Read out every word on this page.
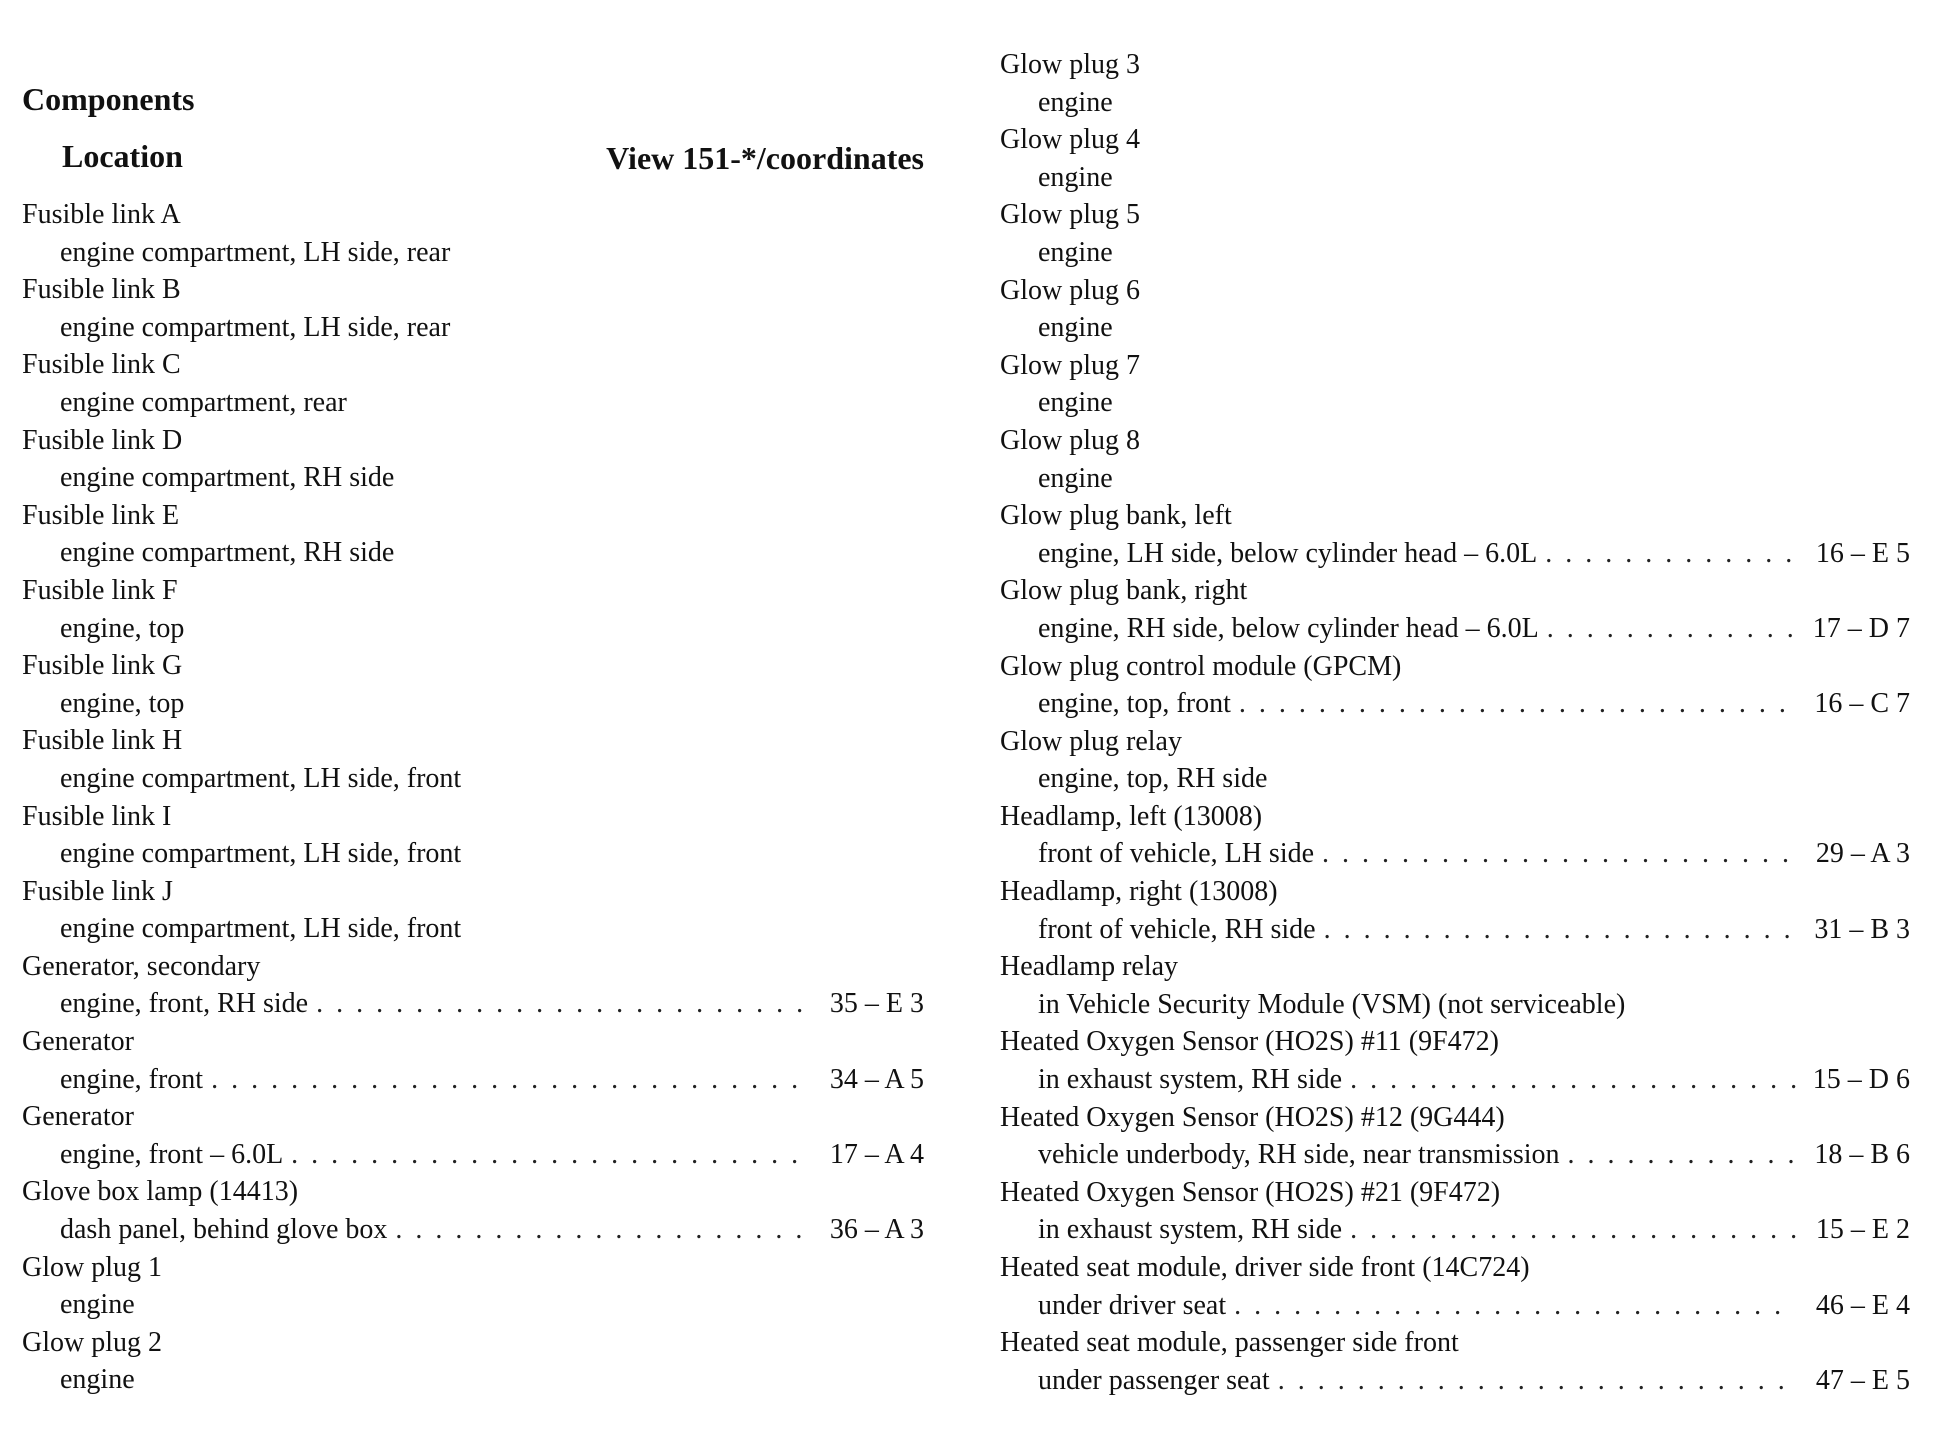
Components
Location	View 151-*/coordinates
Fusible link A
engine compartment, LH side, rear
Fusible link B
engine compartment, LH side, rear
Fusible link C
engine compartment, rear
Fusible link D
engine compartment, RH side
Fusible link E
engine compartment, RH side
Fusible link F
engine, top
Fusible link G
engine, top
Fusible link H
engine compartment, LH side, front
Fusible link I
engine compartment, LH side, front
Fusible link J
engine compartment, LH side, front
Generator, secondary
engine, front, RH side . . .	35 – E 3
Generator
engine, front . . .	34 – A 5
Generator
engine, front – 6.0L . . .	17 – A 4
Glove box lamp (14413)
dash panel, behind glove box . . .	36 – A 3
Glow plug 1
engine
Glow plug 2
engine
Glow plug 3
engine
Glow plug 4
engine
Glow plug 5
engine
Glow plug 6
engine
Glow plug 7
engine
Glow plug 8
engine
Glow plug bank, left
engine, LH side, below cylinder head – 6.0L . . .	16 – E 5
Glow plug bank, right
engine, RH side, below cylinder head – 6.0L . . .	17 – D 7
Glow plug control module (GPCM)
engine, top, front . . .	16 – C 7
Glow plug relay
engine, top, RH side
Headlamp, left (13008)
front of vehicle, LH side . . .	29 – A 3
Headlamp, right (13008)
front of vehicle, RH side . . .	31 – B 3
Headlamp relay
in Vehicle Security Module (VSM) (not serviceable)
Heated Oxygen Sensor (HO2S) #11 (9F472)
in exhaust system, RH side . . .	15 – D 6
Heated Oxygen Sensor (HO2S) #12 (9G444)
vehicle underbody, RH side, near transmission . . .	18 – B 6
Heated Oxygen Sensor (HO2S) #21 (9F472)
in exhaust system, RH side . . .	15 – E 2
Heated seat module, driver side front (14C724)
under driver seat . . .	46 – E 4
Heated seat module, passenger side front
under passenger seat . . .	47 – E 5
